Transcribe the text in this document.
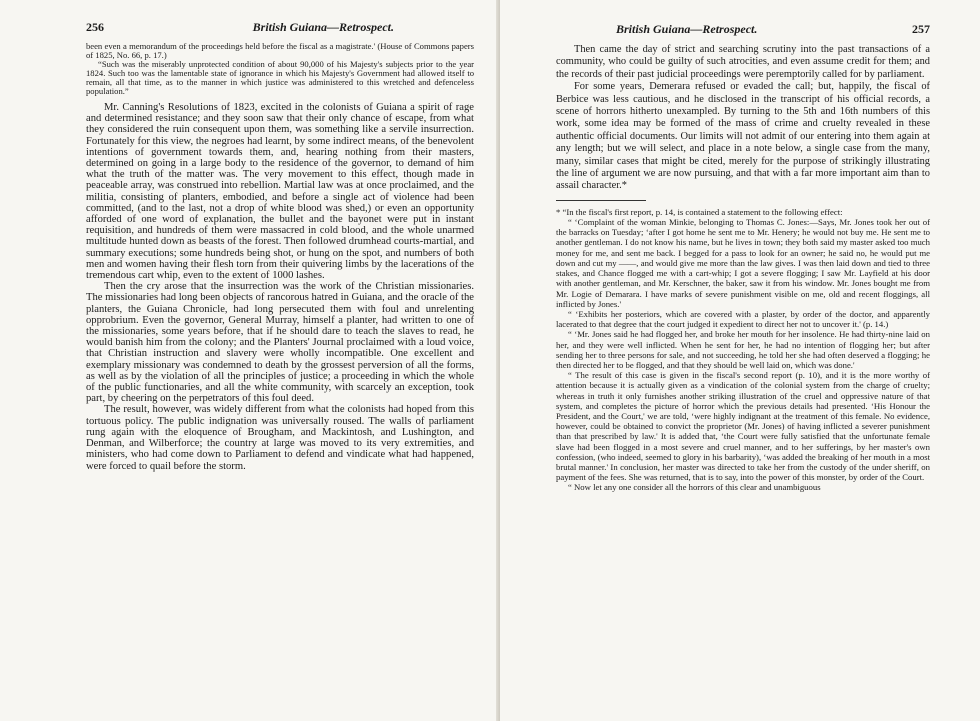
256	British Guiana—Retrospect.

been even a memorandum of the proceedings held before the fiscal as a magistrate.' (House of Commons papers of 1825, No. 66, p. 17.)

“Such was the miserably unprotected condition of about 90,000 of his Majesty's subjects prior to the year 1824. Such too was the lamentable state of ignorance in which his Majesty's Government had allowed itself to remain, all that time, as to the manner in which justice was administered to this wretched and defenceless population.”

Mr. Canning's Resolutions of 1823, excited in the colonists of Guiana a spirit of rage and determined resistance; and they soon saw that their only chance of escape, from what they considered the ruin consequent upon them, was something like a servile insurrection. Fortunately for this view, the negroes had learnt, by some indirect means, of the benevolent intentions of government towards them, and, hearing nothing from their masters, determined on going in a large body to the residence of the governor, to demand of him what the truth of the matter was. The very movement to this effect, though made in peaceable array, was construed into rebellion. Martial law was at once proclaimed, and the militia, consisting of planters, embodied, and before a single act of violence had been committed, (and to the last, not a drop of white blood was shed,) or even an opportunity afforded of one word of explanation, the bullet and the bayonet were put in instant requisition, and hundreds of them were massacred in cold blood, and the whole unarmed multitude hunted down as beasts of the forest. Then followed drumhead courts-martial, and summary executions; some hundreds being shot, or hung on the spot, and numbers of both men and women having their flesh torn from their quivering limbs by the lacerations of the tremendous cart whip, even to the extent of 1000 lashes.

Then the cry arose that the insurrection was the work of the Christian missionaries. The missionaries had long been objects of rancorous hatred in Guiana, and the oracle of the planters, the Guiana Chronicle, had long persecuted them with foul and unrelenting opprobrium. Even the governor, General Murray, himself a planter, had written to one of the missionaries, some years before, that if he should dare to teach the slaves to read, he would banish him from the colony; and the Planters' Journal proclaimed with a loud voice, that Christian instruction and slavery were wholly incompatible. One excellent and exemplary missionary was condemned to death by the grossest perversion of all the forms, as well as by the violation of all the principles of justice; a proceeding in which the whole of the public functionaries, and all the white community, with scarcely an exception, took part, by cheering on the perpetrators of this foul deed.

The result, however, was widely different from what the colonists had hoped from this tortuous policy. The public indignation was universally roused. The walls of parliament rung again with the eloquence of Brougham, and Mackintosh, and Lushington, and Denman, and Wilberforce; the country at large was moved to its very extremities, and ministers, who had come down to Parliament to defend and vindicate what had happened, were forced to quail before the storm.

British Guiana—Retrospect.	257

Then came the day of strict and searching scrutiny into the past transactions of a community, who could be guilty of such atrocities, and even assume credit for them; and the records of their past judicial proceedings were peremptorily called for by parliament.

For some years, Demerara refused or evaded the call; but, happily, the fiscal of Berbice was less cautious, and he disclosed in the transcript of his official records, a scene of horrors hitherto unexampled. By turning to the 5th and 16th numbers of this work, some idea may be formed of the mass of crime and cruelty revealed in these authentic official documents. Our limits will not admit of our entering into them again at any length; but we will select, and place in a note below, a single case from the many, many, similar cases that might be cited, merely for the purpose of strikingly illustrating the line of argument we are now pursuing, and that with a far more important aim than to assail character.*

* “In the fiscal's first report, p. 14, is contained a statement to the following effect:

“ ‘Complaint of the woman Minkie, belonging to Thomas C. Jones:—Says, Mr. Jones took her out of the barracks on Tuesday; ‘after I got home he sent me to Mr. Henery; he would not buy me. He sent me to another gentleman. I do not know his name, but he lives in town; they both said my master asked too much money for me, and sent me back. I begged for a pass to look for an owner; he said no, he would put me down and cut my ——, and would give me more than the law gives. I was then laid down and tied to three stakes, and Chance flogged me with a cart-whip; I got a severe flogging; I saw Mr. Layfield at his door with another gentleman, and Mr. Kerschner, the baker, saw it from his window. Mr. Jones bought me from Mr. Logie of Demarara. I have marks of severe punishment visible on me, old and recent floggings, all inflicted by Jones.'

“ ‘Exhibits her posteriors, which are covered with a plaster, by order of the doctor, and apparently lacerated to that degree that the court judged it expedient to direct her not to uncover it.' (p. 14.)

“ ‘Mr. Jones said he had flogged her, and broke her mouth for her insolence. He had thirty-nine laid on her, and they were well inflicted. When he sent for her, he had no intention of flogging her; but after sending her to three persons for sale, and not succeeding, he told her she had often deserved a flogging; he then directed her to be flogged, and that they should be well laid on, which was done.'

“ The result of this case is given in the fiscal's second report (p. 10), and it is the more worthy of attention because it is actually given as a vindication of the colonial system from the charge of cruelty; whereas in truth it only furnishes another striking illustration of the cruel and oppressive nature of that system, and completes the picture of horror which the previous details had presented. ‘His Honour the President, and the Court,' we are told, ‘were highly indignant at the treatment of this female. No evidence, however, could be obtained to convict the proprietor (Mr. Jones) of having inflicted a severer punishment than that prescribed by law.' It is added that, ‘the Court were fully satisfied that the unfortunate female slave had been flogged in a most severe and cruel manner, and to her sufferings, by her master's own confession, (who indeed, seemed to glory in his barbarity), ‘was added the breaking of her mouth in a most brutal manner.' In conclusion, her master was directed to take her from the custody of the under sheriff, on payment of the fees. She was returned, that is to say, into the power of this monster, by order of the Court.

“ Now let any one consider all the horrors of this clear and unambiguous
